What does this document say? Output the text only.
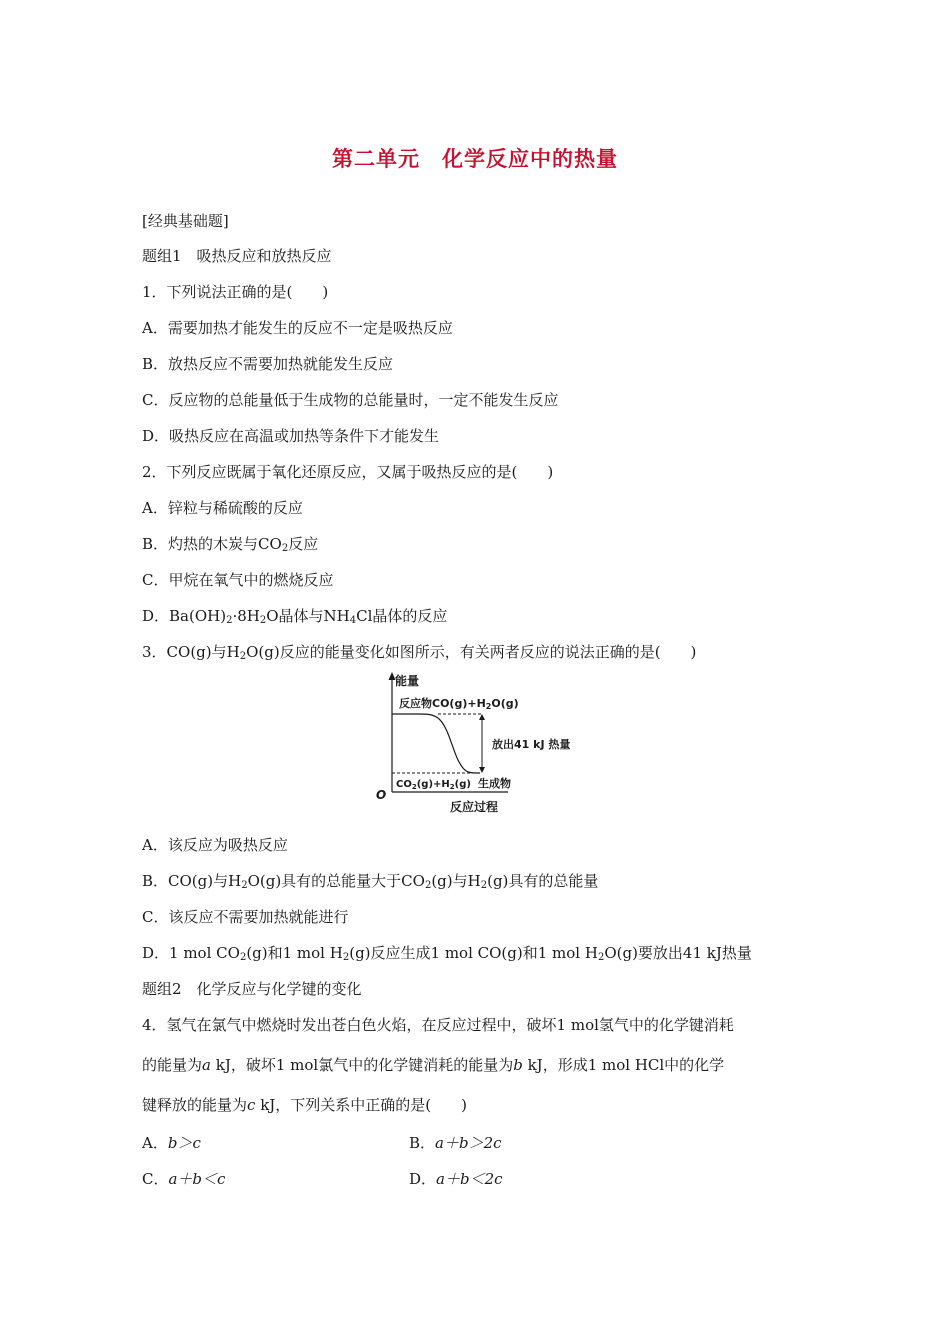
第二单元　化学反应中的热量
[经典基础题]
题组1　吸热反应和放热反应
1．下列说法正确的是(　　)
A．需要加热才能发生的反应不一定是吸热反应
B．放热反应不需要加热就能发生反应
C．反应物的总能量低于生成物的总能量时，一定不能发生反应
D．吸热反应在高温或加热等条件下才能发生
2．下列反应既属于氧化还原反应，又属于吸热反应的是(　　)
A．锌粒与稀硫酸的反应
B．灼热的木炭与$CO_2$反应
C．甲烷在氧气中的燃烧反应
D．$Ba(OH)_2\cdot 8H_2O$晶体与$NH_4Cl$晶体的反应
3．CO(g)与$H_2O(g)$反应的能量变化如图所示，有关两者反应的说法正确的是(　　)
能量
O
反应过程
反应物CO(g)+H2O(g)
放出41 kJ 热量
$CO_2(g)+H_2(g)$ 生成物
A．该反应为吸热反应
B．CO(g)与$H_2O(g)$具有的总能量大于$CO_2(g)$与$H_2(g)$具有的总能量
C．该反应不需要加热就能进行
D．1 mol $CO_2(g)$和1 mol $H_2(g)$反应生成1 mol CO(g)和1 mol $H_2O(g)$要放出41 kJ热量
题组2　化学反应与化学键的变化
4．氢气在氯气中燃烧时发出苍白色火焰，在反应过程中，破坏1 mol氢气中的化学键消耗
的能量为a kJ，破坏1 mol氯气中的化学键消耗的能量为b kJ，形成1 mol HCl中的化学
键释放的能量为c kJ，下列关系中正确的是(　　)
A．b＞c	B．a＋b＞2c
C．a＋b＜c	D．a＋b＜2c
